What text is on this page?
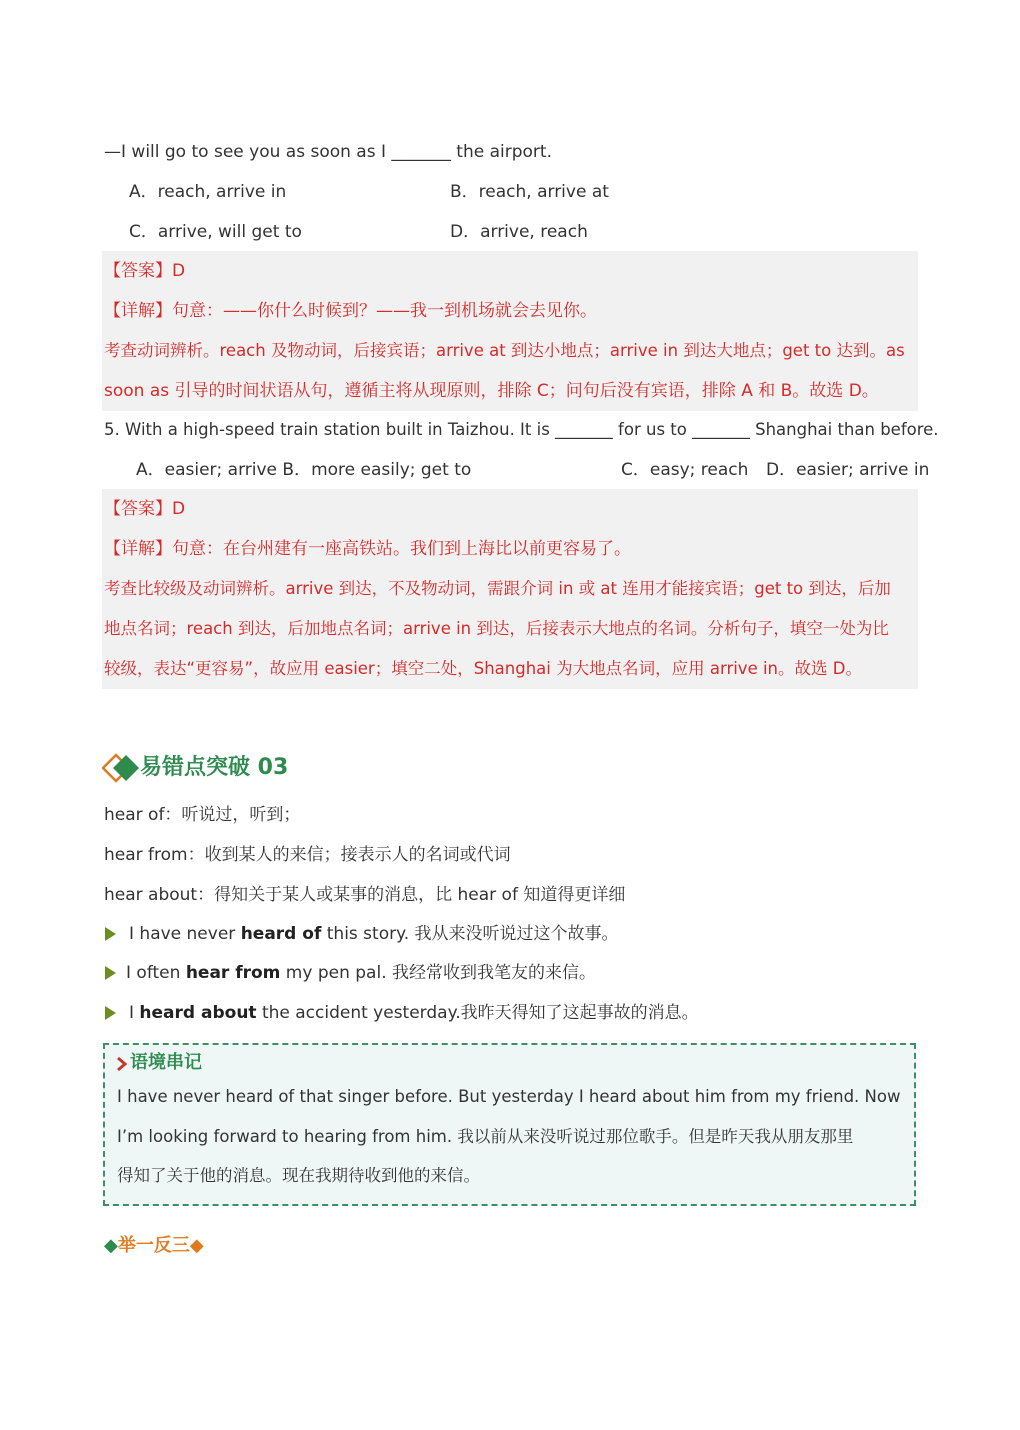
—I will go to see you as soon as I _______ the airport.
A．reach, arrive in	B．reach, arrive at
C．arrive, will get to	D．arrive, reach
【答案】D
【详解】句意：——你什么时候到？——我一到机场就会去见你。
考查动词辨析。reach 及物动词，后接宾语；arrive at 到达小地点；arrive in 到达大地点；get to 达到。as
soon as 引导的时间状语从句，遵循主将从现原则，排除 C；问句后没有宾语，排除 A 和 B。故选 D。
5. With a high-speed train station built in Taizhou. It is _______ for us to _______ Shanghai than before.
A．easier; arrive B．more easily; get to	C．easy; reach D．easier; arrive in
【答案】D
【详解】句意：在台州建有一座高铁站。我们到上海比以前更容易了。
考查比较级及动词辨析。arrive 到达，不及物动词，需跟介词 in 或 at 连用才能接宾语；get to 到达，后加
地点名词；reach 到达，后加地点名词；arrive in 到达，后接表示大地点的名词。分析句子，填空一处为比
较级，表达“更容易”，故应用 easier；填空二处，Shanghai 为大地点名词，应用 arrive in。故选 D。
易错点突破 03
hear of：听说过，听到；
hear from：收到某人的来信；接表示人的名词或代词
hear about：得知关于某人或某事的消息，比 hear of 知道得更详细
I have never heard of this story. 我从来没听说过这个故事。
I often hear from my pen pal. 我经常收到我笔友的来信。
I heard about the accident yesterday.我昨天得知了这起事故的消息。
语境串记
I have never heard of that singer before. But yesterday I heard about him from my friend. Now
I’m looking forward to hearing from him. 我以前从来没听说过那位歌手。但是昨天我从朋友那里
得知了关于他的消息。现在我期待收到他的来信。
◆举一反三◆
